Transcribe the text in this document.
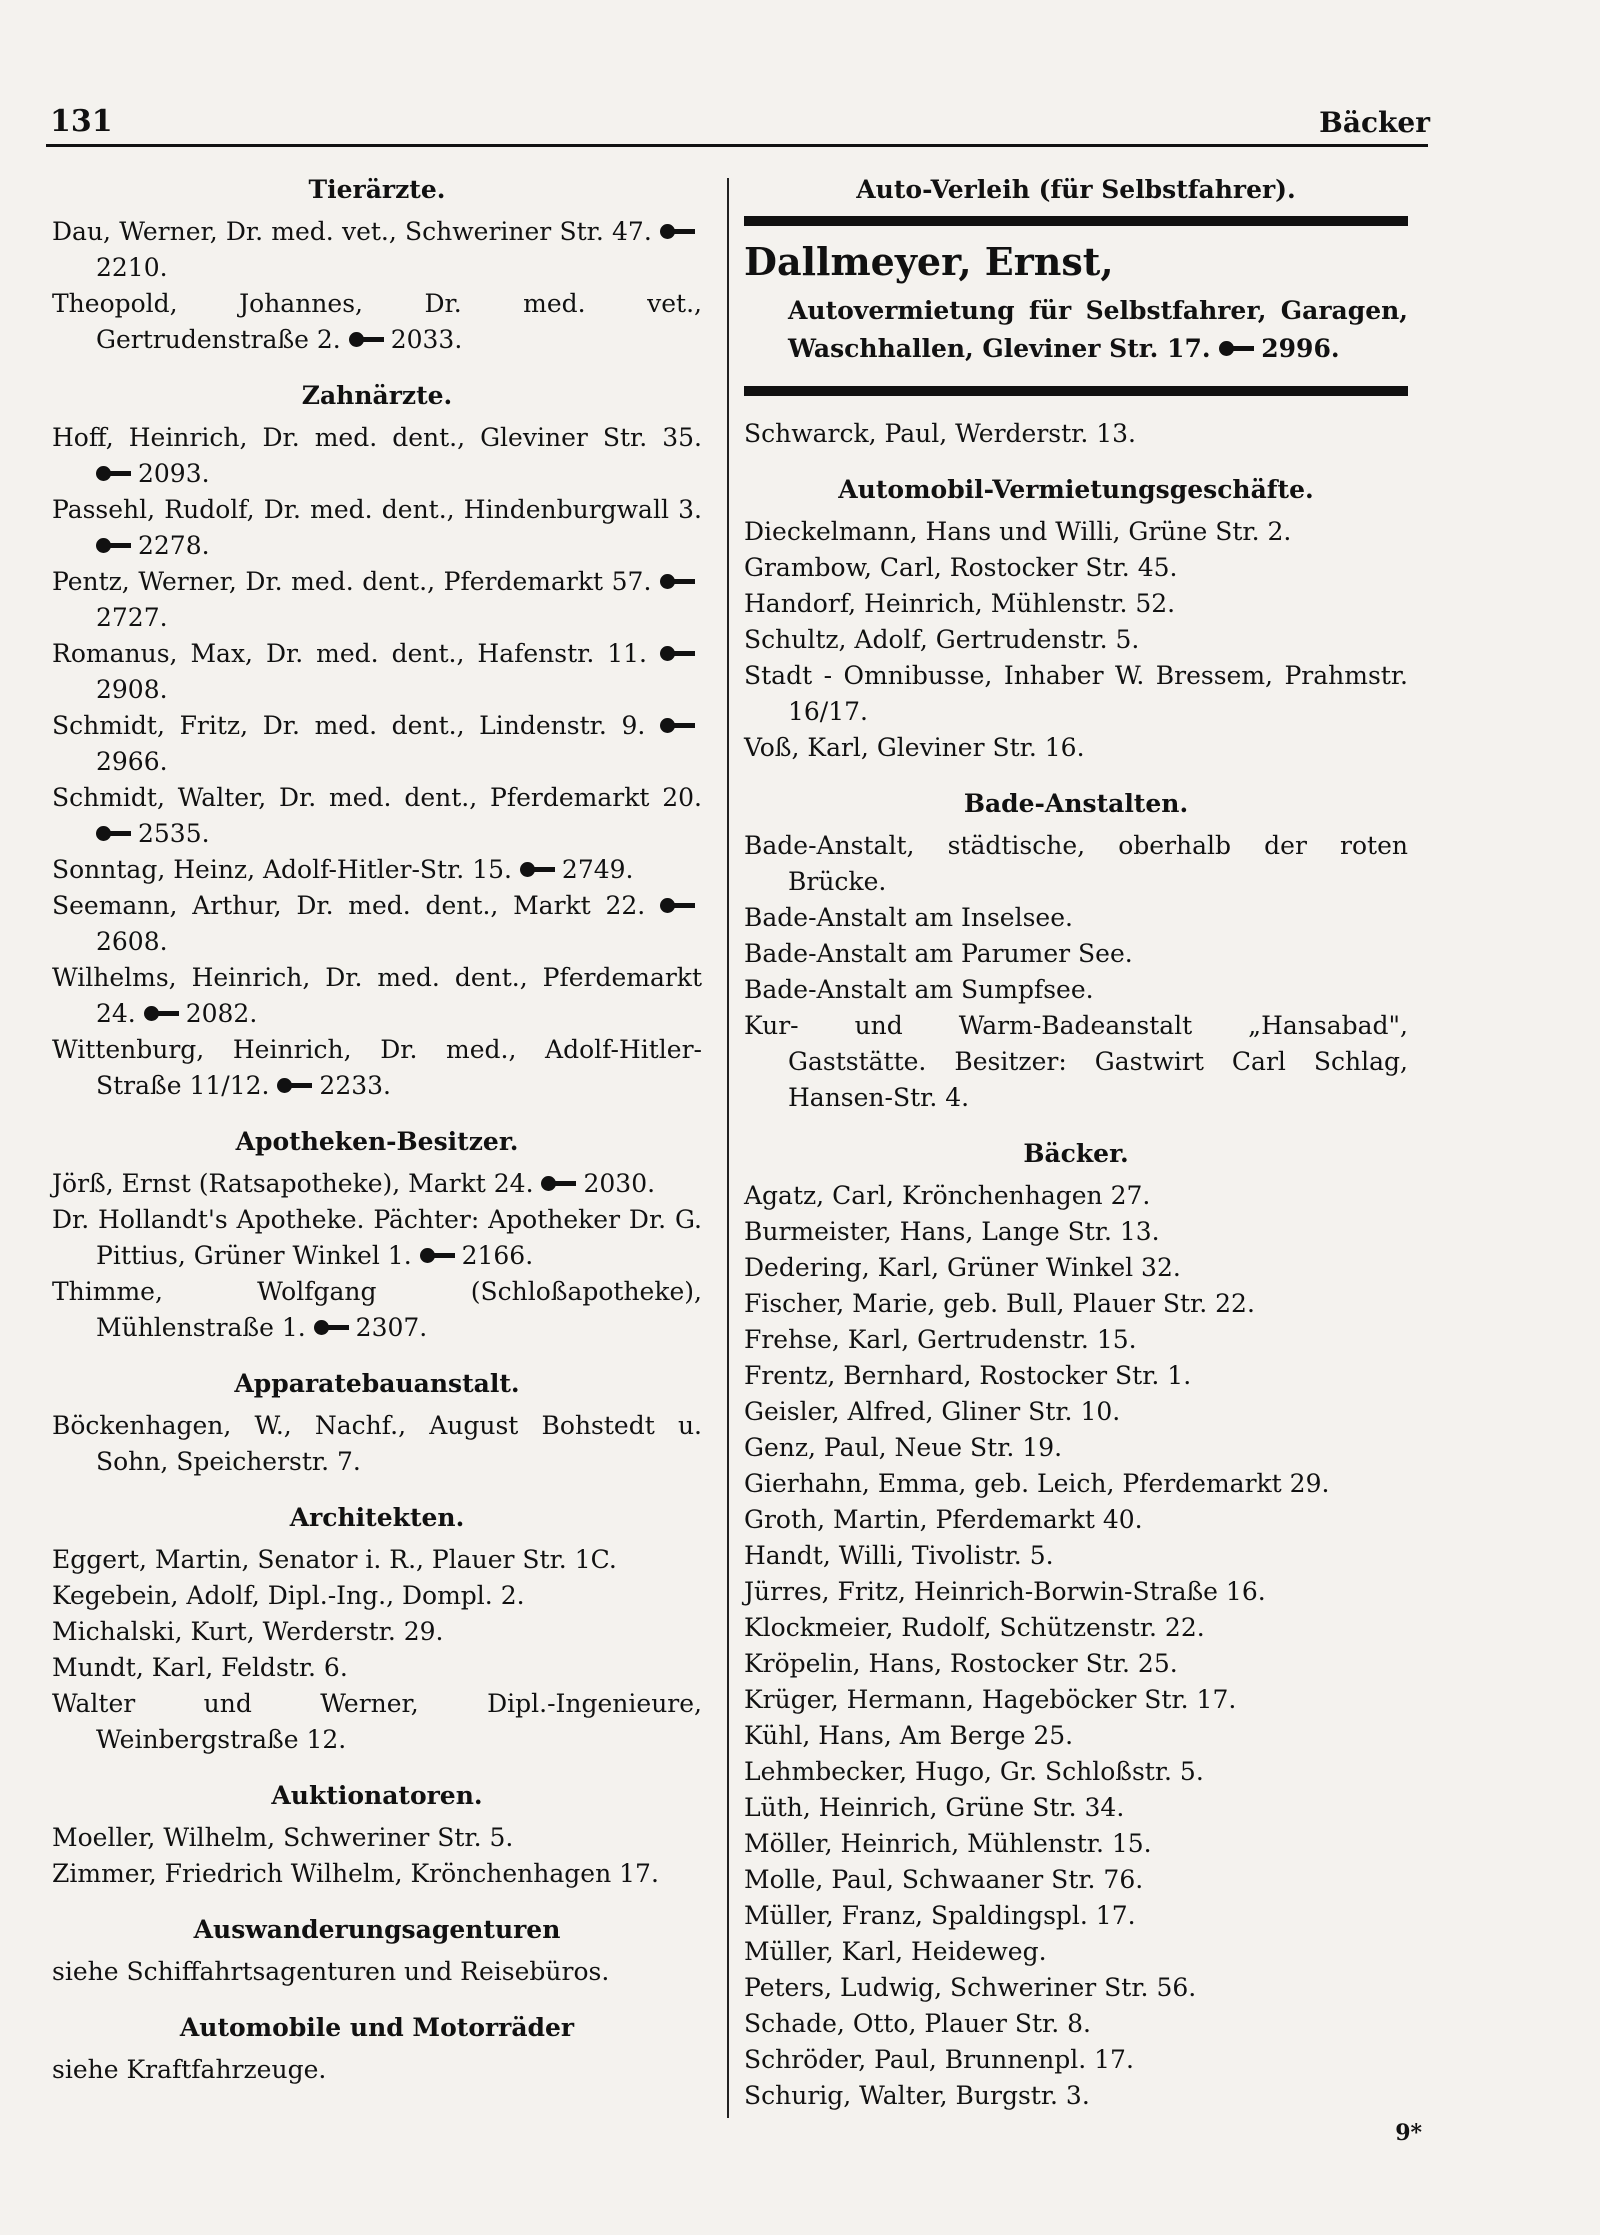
131	Bäcker
Tierärzte.
Dau, Werner, Dr. med. vet., Schweriner Str. 47. 2210.
Theopold, Johannes, Dr. med. vet., Gertrudenstraße 2. 2033.
Zahnärzte.
Hoff, Heinrich, Dr. med. dent., Gleviner Str. 35. 2093.
Passehl, Rudolf, Dr. med. dent., Hindenburgwall 3. 2278.
Pentz, Werner, Dr. med. dent., Pferdemarkt 57. 2727.
Romanus, Max, Dr. med. dent., Hafenstr. 11. 2908.
Schmidt, Fritz, Dr. med. dent., Lindenstr. 9. 2966.
Schmidt, Walter, Dr. med. dent., Pferdemarkt 20. 2535.
Sonntag, Heinz, Adolf-Hitler-Str. 15. 2749.
Seemann, Arthur, Dr. med. dent., Markt 22. 2608.
Wilhelms, Heinrich, Dr. med. dent., Pferdemarkt 24. 2082.
Wittenburg, Heinrich, Dr. med., Adolf-Hitler-Straße 11/12. 2233.
Apotheken-Besitzer.
Jörß, Ernst (Ratsapotheke), Markt 24. 2030.
Dr. Hollandt's Apotheke. Pächter: Apotheker Dr. G. Pittius, Grüner Winkel 1. 2166.
Thimme, Wolfgang (Schloßapotheke), Mühlenstraße 1. 2307.
Apparatebauanstalt.
Böckenhagen, W., Nachf., August Bohstedt u. Sohn, Speicherstr. 7.
Architekten.
Eggert, Martin, Senator i. R., Plauer Str. 1C.
Kegebein, Adolf, Dipl.-Ing., Dompl. 2.
Michalski, Kurt, Werderstr. 29.
Mundt, Karl, Feldstr. 6.
Walter und Werner, Dipl.-Ingenieure, Weinbergstraße 12.
Auktionatoren.
Moeller, Wilhelm, Schweriner Str. 5.
Zimmer, Friedrich Wilhelm, Krönchenhagen 17.
Auswanderungsagenturen
siehe Schiffahrtsagenturen und Reisebüros.
Automobile und Motorräder
siehe Kraftfahrzeuge.
Auto-Verleih (für Selbstfahrer).
Dallmeyer, Ernst,
Autovermietung für Selbstfahrer, Garagen, Waschhallen, Gleviner Str. 17. 2996.
Schwarck, Paul, Werderstr. 13.
Automobil-Vermietungsgeschäfte.
Dieckelmann, Hans und Willi, Grüne Str. 2.
Grambow, Carl, Rostocker Str. 45.
Handorf, Heinrich, Mühlenstr. 52.
Schultz, Adolf, Gertrudenstr. 5.
Stadt - Omnibusse, Inhaber W. Bressem, Prahmstr. 16/17.
Voß, Karl, Gleviner Str. 16.
Bade-Anstalten.
Bade-Anstalt, städtische, oberhalb der roten Brücke.
Bade-Anstalt am Inselsee.
Bade-Anstalt am Parumer See.
Bade-Anstalt am Sumpfsee.
Kur- und Warm-Badeanstalt „Hansabad", Gaststätte. Besitzer: Gastwirt Carl Schlag, Hansen-Str. 4.
Bäcker.
Agatz, Carl, Krönchenhagen 27.
Burmeister, Hans, Lange Str. 13.
Dedering, Karl, Grüner Winkel 32.
Fischer, Marie, geb. Bull, Plauer Str. 22.
Frehse, Karl, Gertrudenstr. 15.
Frentz, Bernhard, Rostocker Str. 1.
Geisler, Alfred, Gliner Str. 10.
Genz, Paul, Neue Str. 19.
Gierhahn, Emma, geb. Leich, Pferdemarkt 29.
Groth, Martin, Pferdemarkt 40.
Handt, Willi, Tivolistr. 5.
Jürres, Fritz, Heinrich-Borwin-Straße 16.
Klockmeier, Rudolf, Schützenstr. 22.
Kröpelin, Hans, Rostocker Str. 25.
Krüger, Hermann, Hageböcker Str. 17.
Kühl, Hans, Am Berge 25.
Lehmbecker, Hugo, Gr. Schloßstr. 5.
Lüth, Heinrich, Grüne Str. 34.
Möller, Heinrich, Mühlenstr. 15.
Molle, Paul, Schwaaner Str. 76.
Müller, Franz, Spaldingspl. 17.
Müller, Karl, Heideweg.
Peters, Ludwig, Schweriner Str. 56.
Schade, Otto, Plauer Str. 8.
Schröder, Paul, Brunnenpl. 17.
Schurig, Walter, Burgstr. 3.
9*
